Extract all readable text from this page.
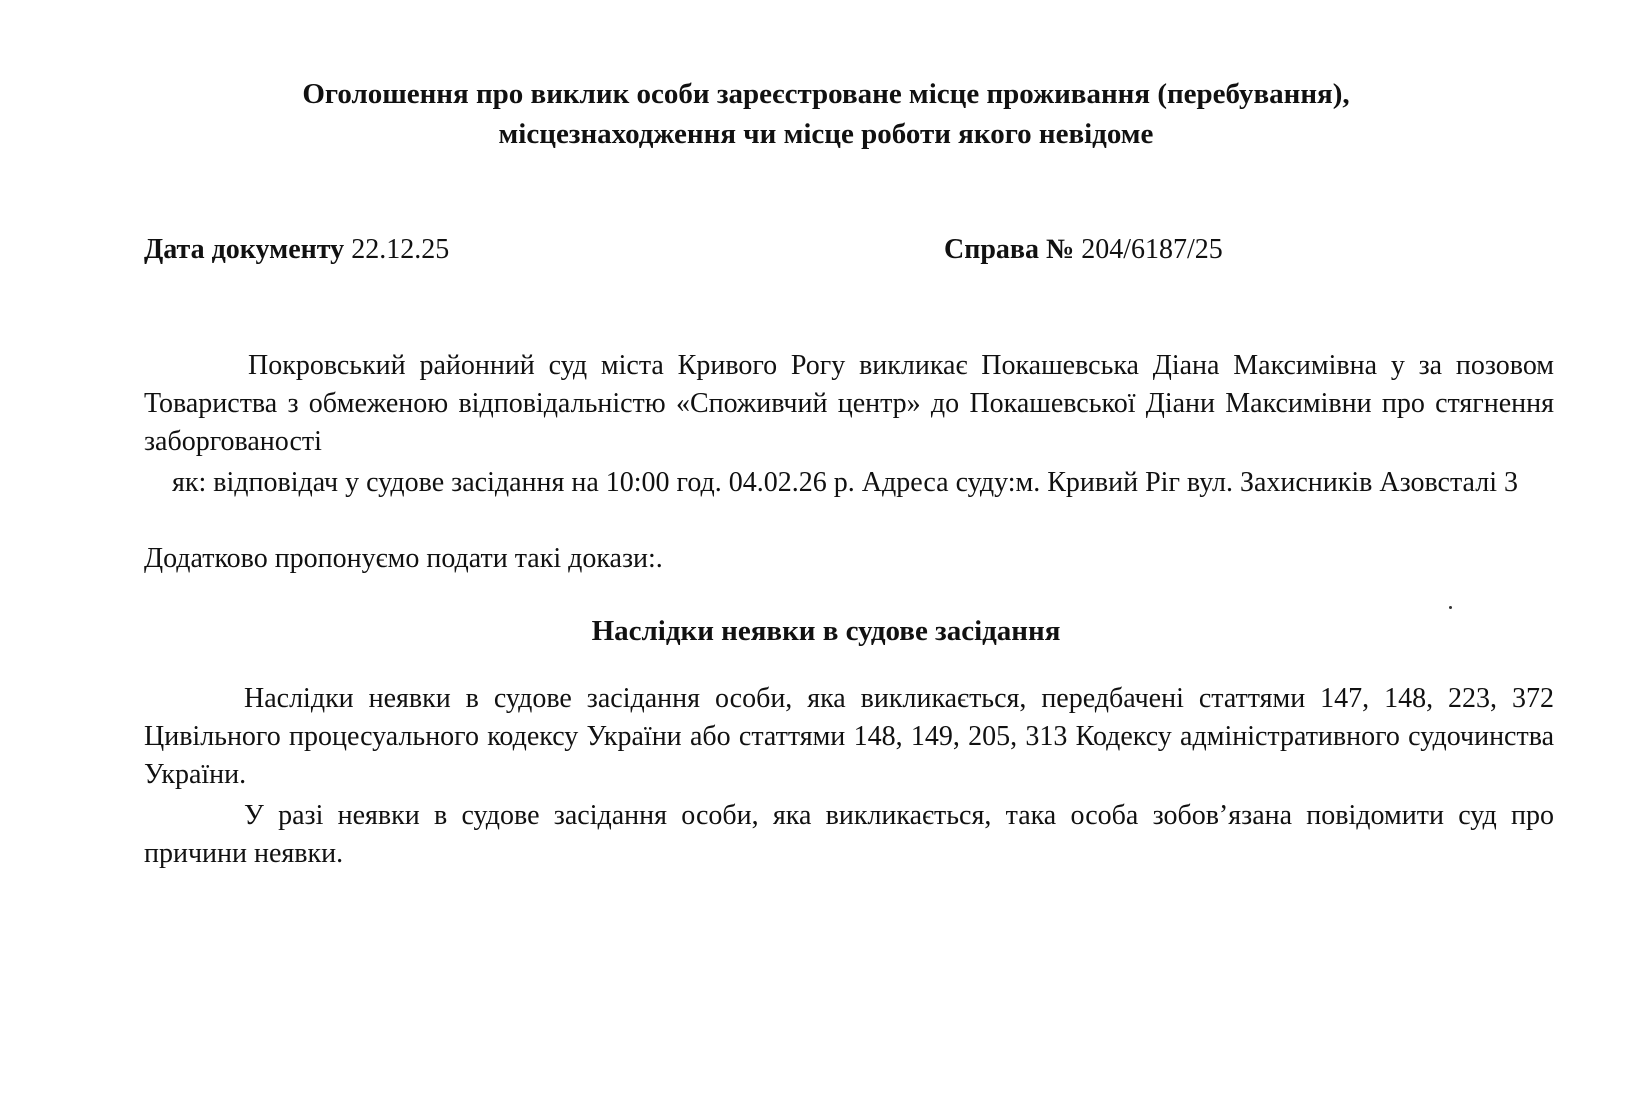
Оголошення про виклик особи зареєстроване місце проживання (перебування),
місцезнаходження чи місце роботи якого невідоме
Дата документу 22.12.25	Справа № 204/6187/25
Покровський районний суд міста Кривого Рогу викликає Покашевська Діана Максимівна у за позовом Товариства з обмеженою відповідальністю «Споживчий центр» до Покашевської Діани Максимівни про стягнення заборгованості
як: відповідач у судове засідання на 10:00 год. 04.02.26 р. Адреса суду:м. Кривий Ріг вул. Захисників Азовсталі 3
Додатково пропонуємо подати такі докази:.
Наслідки неявки в судове засідання
Наслідки неявки в судове засідання особи, яка викликається, передбачені статтями 147, 148, 223, 372 Цивільного процесуального кодексу України або статтями 148, 149, 205, 313 Кодексу адміністративного судочинства України.
У разі неявки в судове засідання особи, яка викликається, така особа зобов’язана повідомити суд про причини неявки.
